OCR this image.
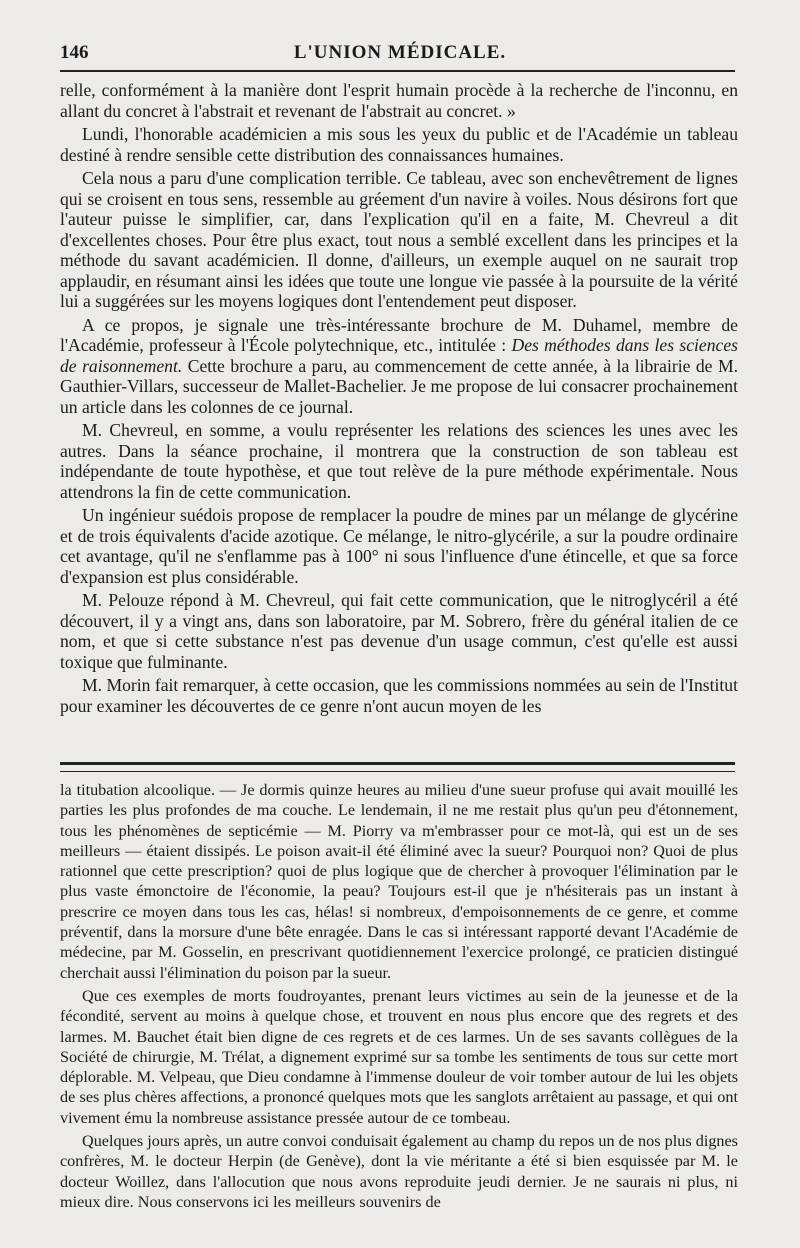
146	L'UNION MÉDICALE.

relle, conformément à la manière dont l'esprit humain procède à la recherche de l'inconnu, en allant du concret à l'abstrait et revenant de l'abstrait au concret. »

Lundi, l'honorable académicien a mis sous les yeux du public et de l'Académie un tableau destiné à rendre sensible cette distribution des connaissances humaines.

Cela nous a paru d'une complication terrible. Ce tableau, avec son enchevêtrement de lignes qui se croisent en tous sens, ressemble au gréement d'un navire à voiles. Nous désirons fort que l'auteur puisse le simplifier, car, dans l'explication qu'il en a faite, M. Chevreul a dit d'excellentes choses. Pour être plus exact, tout nous a semblé excellent dans les principes et la méthode du savant académicien. Il donne, d'ailleurs, un exemple auquel on ne saurait trop applaudir, en résumant ainsi les idées que toute une longue vie passée à la poursuite de la vérité lui a suggérées sur les moyens logiques dont l'entendement peut disposer.

A ce propos, je signale une très-intéressante brochure de M. Duhamel, membre de l'Académie, professeur à l'École polytechnique, etc., intitulée : Des méthodes dans les sciences de raisonnement. Cette brochure a paru, au commencement de cette année, à la librairie de M. Gauthier-Villars, successeur de Mallet-Bachelier. Je me propose de lui consacrer prochainement un article dans les colonnes de ce journal.

M. Chevreul, en somme, a voulu représenter les relations des sciences les unes avec les autres. Dans la séance prochaine, il montrera que la construction de son tableau est indépendante de toute hypothèse, et que tout relève de la pure méthode expérimentale. Nous attendrons la fin de cette communication.

Un ingénieur suédois propose de remplacer la poudre de mines par un mélange de glycérine et de trois équivalents d'acide azotique. Ce mélange, le nitro-glycérile, a sur la poudre ordinaire cet avantage, qu'il ne s'enflamme pas à 100° ni sous l'influence d'une étincelle, et que sa force d'expansion est plus considérable.

M. Pelouze répond à M. Chevreul, qui fait cette communication, que le nitroglycéril a été découvert, il y a vingt ans, dans son laboratoire, par M. Sobrero, frère du général italien de ce nom, et que si cette substance n'est pas devenue d'un usage commun, c'est qu'elle est aussi toxique que fulminante.

M. Morin fait remarquer, à cette occasion, que les commissions nommées au sein de l'Institut pour examiner les découvertes de ce genre n'ont aucun moyen de les

la titubation alcoolique. — Je dormis quinze heures au milieu d'une sueur profuse qui avait mouillé les parties les plus profondes de ma couche. Le lendemain, il ne me restait plus qu'un peu d'étonnement, tous les phénomènes de septicémie — M. Piorry va m'embrasser pour ce mot-là, qui est un de ses meilleurs — étaient dissipés. Le poison avait-il été éliminé avec la sueur? Pourquoi non? Quoi de plus rationnel que cette prescription? quoi de plus logique que de chercher à provoquer l'élimination par le plus vaste émonctoire de l'économie, la peau? Toujours est-il que je n'hésiterais pas un instant à prescrire ce moyen dans tous les cas, hélas! si nombreux, d'empoisonnements de ce genre, et comme préventif, dans la morsure d'une bête enragée. Dans le cas si intéressant rapporté devant l'Académie de médecine, par M. Gosselin, en prescrivant quotidiennement l'exercice prolongé, ce praticien distingué cherchait aussi l'élimination du poison par la sueur.

Que ces exemples de morts foudroyantes, prenant leurs victimes au sein de la jeunesse et de la fécondité, servent au moins à quelque chose, et trouvent en nous plus encore que des regrets et des larmes. M. Bauchet était bien digne de ces regrets et de ces larmes. Un de ses savants collègues de la Société de chirurgie, M. Trélat, a dignement exprimé sur sa tombe les sentiments de tous sur cette mort déplorable. M. Velpeau, que Dieu condamne à l'immense douleur de voir tomber autour de lui les objets de ses plus chères affections, a prononcé quelques mots que les sanglots arrêtaient au passage, et qui ont vivement ému la nombreuse assistance pressée autour de ce tombeau.

Quelques jours après, un autre convoi conduisait également au champ du repos un de nos plus dignes confrères, M. le docteur Herpin (de Genève), dont la vie méritante a été si bien esquissée par M. le docteur Woillez, dans l'allocution que nous avons reproduite jeudi dernier. Je ne saurais ni plus, ni mieux dire. Nous conservons ici les meilleurs souvenirs de
